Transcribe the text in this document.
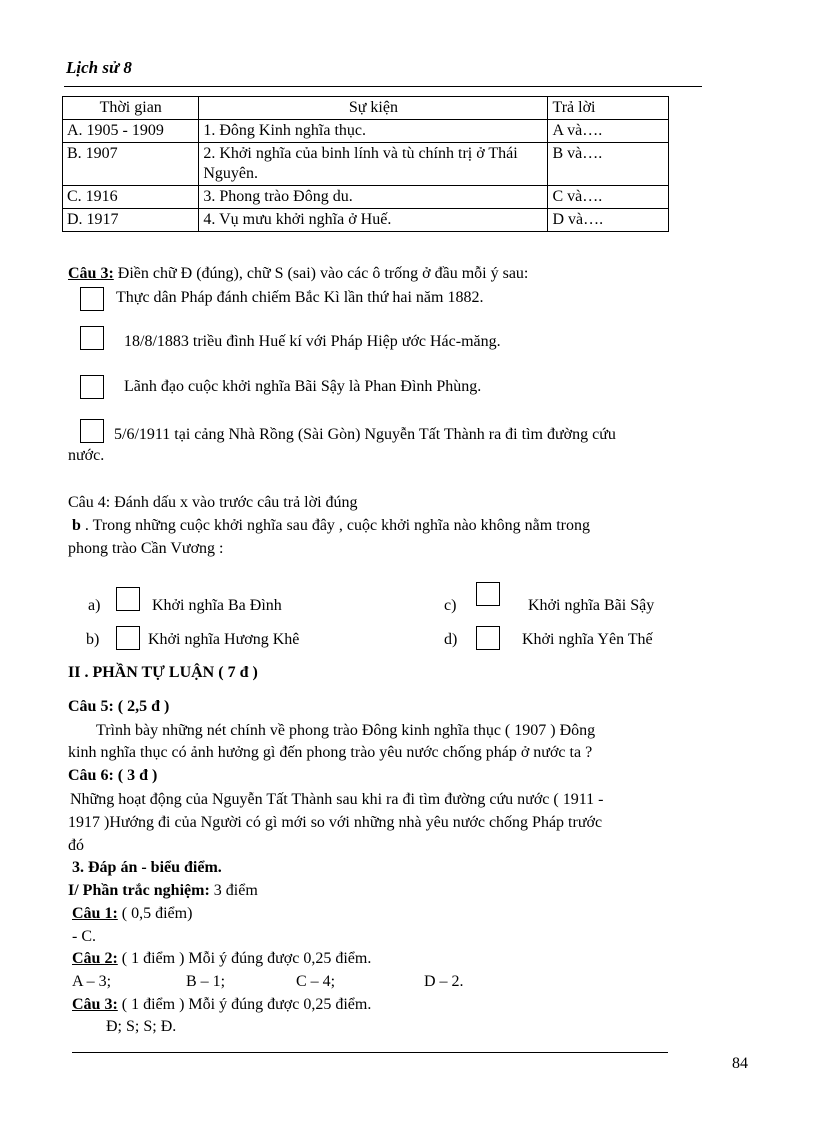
Lịch sử 8
Thời gian	Sự kiện	Trả lời
A. 1905 - 1909	1. Đông Kinh nghĩa thục.	A và….
B. 1907	2. Khởi nghĩa của binh lính và tù chính trị ở Thái Nguyên.	B và….
C. 1916	3. Phong trào Đông du.	C và….
D. 1917	4. Vụ mưu khởi nghĩa ở Huế.	D và….
Câu 3: Điền chữ Đ (đúng), chữ S (sai) vào các ô trống ở đầu mỗi ý sau:
Thực dân Pháp đánh chiếm Bắc Kì lần thứ hai năm 1882.
18/8/1883 triều đình Huế kí với Pháp Hiệp ước Hác-măng.
Lãnh đạo cuộc khởi nghĩa Bãi Sậy là Phan Đình Phùng.
5/6/1911 tại cảng Nhà Rồng (Sài Gòn) Nguyễn Tất Thành ra đi tìm đường cứu
nước.
Câu 4: Đánh dấu x vào trước câu trả lời đúng
b . Trong những cuộc khởi nghĩa sau đây , cuộc khởi nghĩa nào không nằm trong
phong trào Cần Vương :
a)	Khởi nghĩa Ba Đình	c)	Khởi nghĩa Bãi Sậy
b)	Khởi nghĩa Hương Khê	d)	Khởi nghĩa Yên Thế
II . PHẦN TỰ LUẬN ( 7 đ )
Câu 5: ( 2,5 đ )
Trình bày những nét chính về phong trào Đông kinh nghĩa thục ( 1907 ) Đông
kinh nghĩa thục có ảnh hưởng gì đến phong trào yêu nước chống pháp ở nước ta ?
Câu 6: ( 3 đ )
Những hoạt động của Nguyễn Tất Thành sau khi ra đi tìm đường cứu nước ( 1911 -
1917 )Hướng đi của Người có gì mới so với những nhà yêu nước chống Pháp trước
đó
3. Đáp án - biểu điểm.
I/ Phần trắc nghiệm: 3 điểm
Câu 1: ( 0,5 điểm)
- C.
Câu 2: ( 1 điểm ) Mỗi ý đúng được 0,25 điểm.
A – 3;	B – 1;	C – 4;	D – 2.
Câu 3: ( 1 điểm ) Mỗi ý đúng được 0,25 điểm.
Đ; S; S; Đ.
84
